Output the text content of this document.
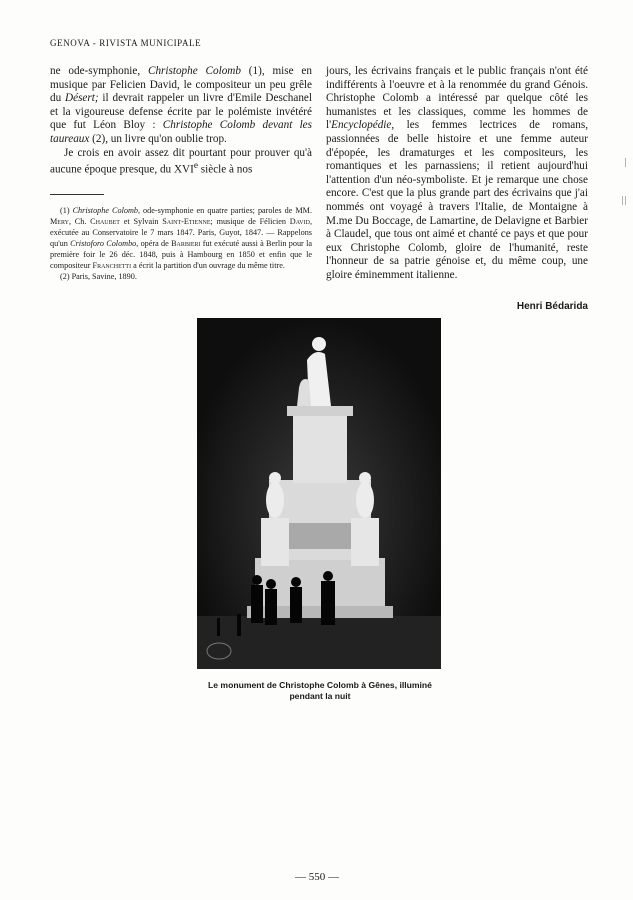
GENOVA - RIVISTA MUNICIPALE

ne ode-symphonie, Christophe Colomb (1), mise en musique par Felicien David, le compositeur un peu grêle du Désert; il devrait rappeler un livre d'Emile Deschanel et la vigoureuse defense écrite par le polémiste invétéré que fut Léon Bloy : Christophe Colomb devant les taureaux (2), un livre qu'on oublie trop.

Je crois en avoir assez dit pourtant pour prouver qu'à aucune époque presque, du XVIe siècle à nos

(1) Christophe Colomb, ode-symphonie en quatre parties; paroles de MM. Mery, Ch. Chaubet et Sylvain Saint-Etienne; musique de Félicien David, exécutée au Conservatoire le 7 mars 1847. Paris, Guyot, 1847. — Rappelons qu'un Cristoforo Colombo, opéra de Barbieri fut exécuté aussi à Berlin pour la première foir le 26 déc. 1848, puis à Hambourg en 1850 et enfin que le compositeur Franchetti a écrit la partition d'un ouvrage du même titre.

(2) Paris, Savine, 1890.

jours, les écrivains français et le public français n'ont été indifférents à l'oeuvre et à la renommée du grand Génois. Christophe Colomb a intéressé par quelque côté les humanistes et les classiques, comme les hommes de l'Encyclopédie, les femmes lectrices de romans, passionnées de belle histoire et une femme auteur d'épopée, les dramaturges et les compositeurs, les romantiques et les parnassiens; il retient aujourd'hui l'attention d'un néo-symboliste. Et je remarque une chose encore. C'est que la plus grande part des écrivains que j'ai nommés ont voyagé à travers l'Italie, de Montaigne à M.me Du Boccage, de Lamartine, de Delavigne et Barbier à Claudel, que tous ont aimé et chanté ce pays et que pour eux Christophe Colomb, gloire de l'humanité, reste l'honneur de sa patrie génoise et, du même coup, une gloire éminemment italienne.

Henri Bédarida
Le monument de Christophe Colomb à Gênes, illuminé
pendant la nuit
— 550 —
|
||
